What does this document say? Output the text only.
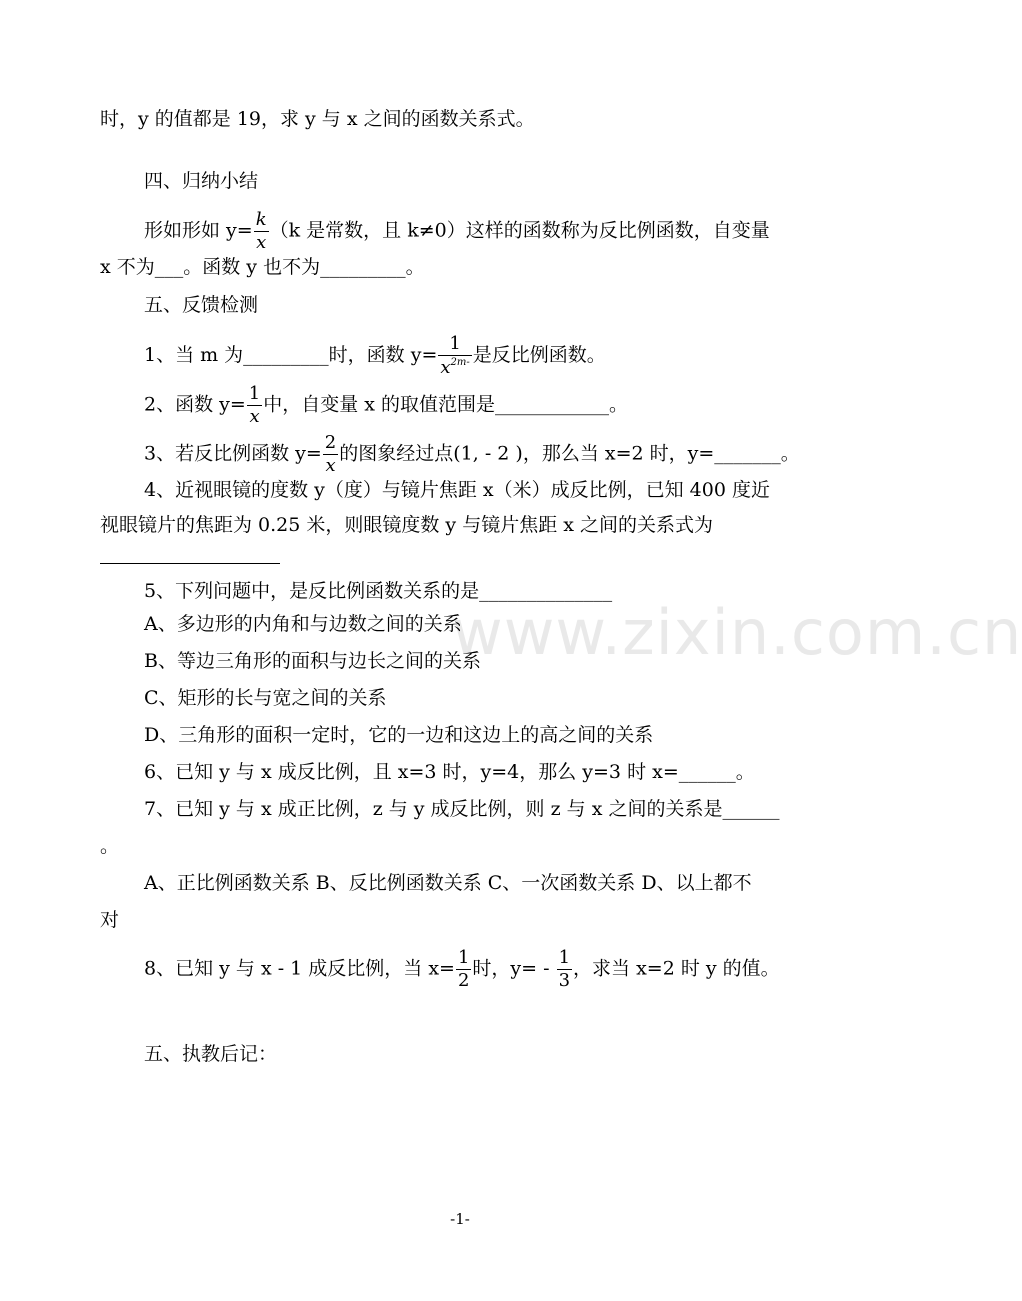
www.zixin.com.cn
时，y 的值都是 19，求 y 与 x 之间的函数关系式。
四、归纳小结
形如形如 $y= \frac{k}{x} (k$ 是常数，且 k≠0）这样的函数称为反比例函数，自变量
x 不为___。函数 y 也不为_________。
五、反馈检测
1、当 m 为_________时，函数 $y= \frac{1}{x^{2m-}}$ 是反比例函数。
2、函数 $y= \frac{1}{x}$ 中，自变量 x 的取值范围是____________。
3、若反比例函数 $y= \frac{2}{x}$ 的图象经过点(1, - 2 )，那么当 x=2 时，y=_______。
4、近视眼镜的度数 y（度）与镜片焦距 x（米）成反比例，已知 400 度近
视眼镜片的焦距为 0.25 米，则眼镜度数 y 与镜片焦距 x 之间的关系式为
5、下列问题中，是反比例函数关系的是______________
A、多边形的内角和与边数之间的关系
B、等边三角形的面积与边长之间的关系
C、矩形的长与宽之间的关系
D、三角形的面积一定时，它的一边和这边上的高之间的关系
6、已知 y 与 x 成反比例，且 x=3 时，y=4，那么 y=3 时 x=______。
7、已知 y 与 x 成正比例，z 与 y 成反比例，则 z 与 x 之间的关系是______
。
A、正比例函数关系 B、反比例函数关系 C、一次函数关系 D、以上都不
对
8、已知 y 与 x - 1 成反比例，当 $x= \frac{1}{2}$ 时，$y= - \frac{1}{3}$ ，求当 x=2 时 y 的值。
五、执教后记：
-1-
